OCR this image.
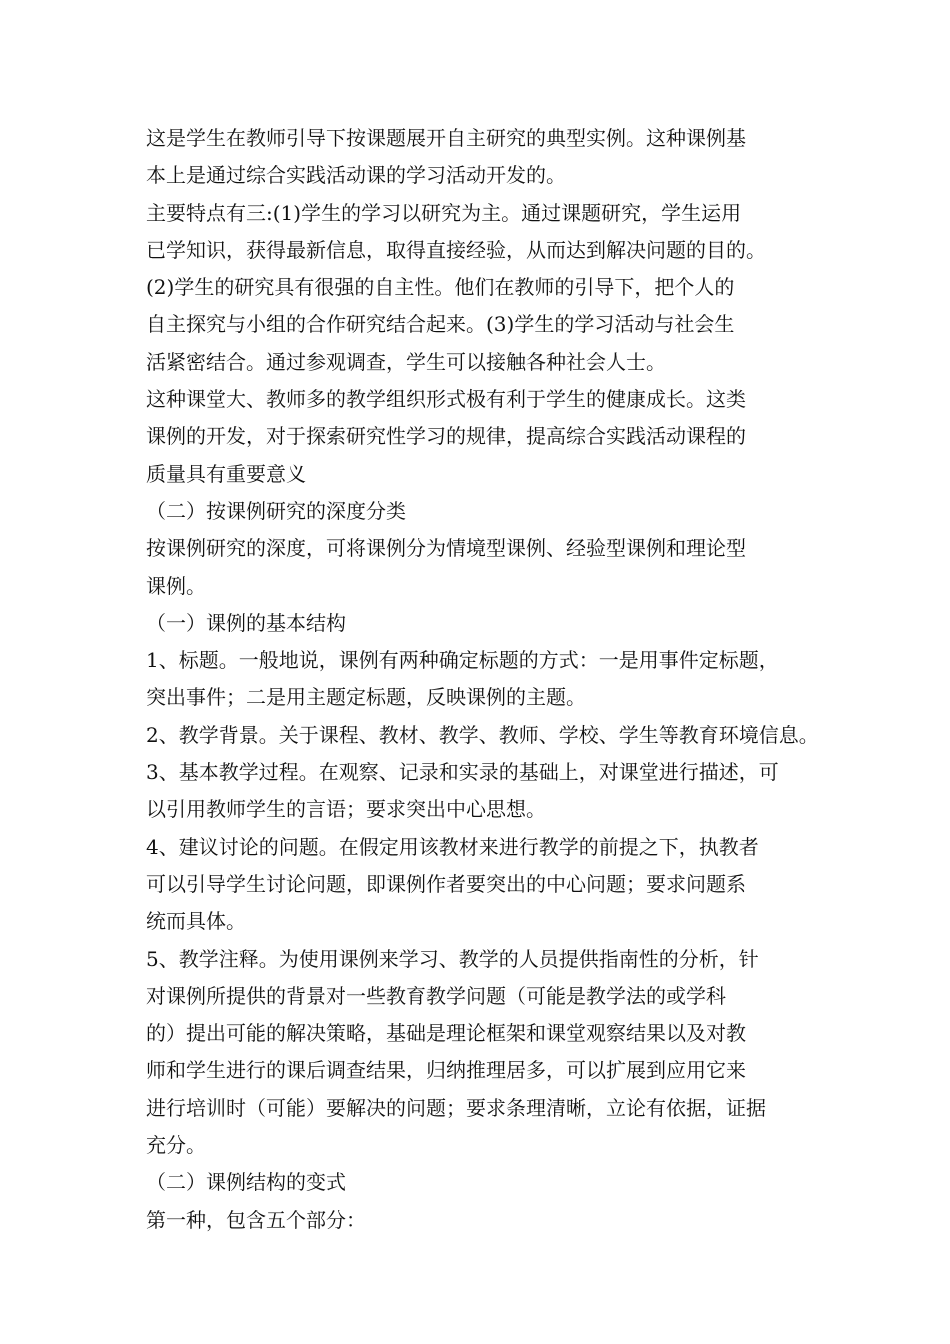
这是学生在教师引导下按课题展开自主研究的典型实例。这种课例基
本上是通过综合实践活动课的学习活动开发的。
主要特点有三:(1)学生的学习以研究为主。通过课题研究，学生运用
已学知识，获得最新信息，取得直接经验，从而达到解决问题的目的。
(2)学生的研究具有很强的自主性。他们在教师的引导下，把个人的
自主探究与小组的合作研究结合起来。(3)学生的学习活动与社会生
活紧密结合。通过参观调查，学生可以接触各种社会人士。
这种课堂大、教师多的教学组织形式极有利于学生的健康成长。这类
课例的开发，对于探索研究性学习的规律，提高综合实践活动课程的
质量具有重要意义
（二）按课例研究的深度分类
按课例研究的深度，可将课例分为情境型课例、经验型课例和理论型
课例。
（一）课例的基本结构
1、标题。一般地说，课例有两种确定标题的方式：一是用事件定标题，
突出事件；二是用主题定标题，反映课例的主题。
2、教学背景。关于课程、教材、教学、教师、学校、学生等教育环境信息。
3、基本教学过程。在观察、记录和实录的基础上，对课堂进行描述，可
以引用教师学生的言语；要求突出中心思想。
4、建议讨论的问题。在假定用该教材来进行教学的前提之下，执教者
可以引导学生讨论问题，即课例作者要突出的中心问题；要求问题系
统而具体。
5、教学注释。为使用课例来学习、教学的人员提供指南性的分析，针
对课例所提供的背景对一些教育教学问题（可能是教学法的或学科
的）提出可能的解决策略，基础是理论框架和课堂观察结果以及对教
师和学生进行的课后调查结果，归纳推理居多，可以扩展到应用它来
进行培训时（可能）要解决的问题；要求条理清晰，立论有依据，证据
充分。
（二）课例结构的变式
第一种，包含五个部分：
